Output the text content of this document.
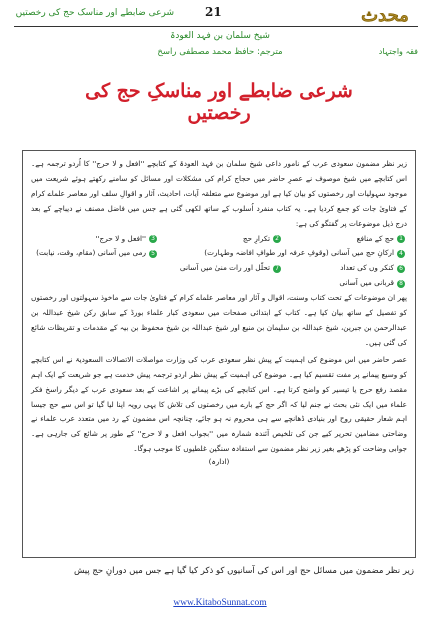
شرعی ضابطے اور مناسک حج کی رخصتیں	21	محدث
شیخ سلمان بن فہد العودۃ
مترجم: حافظ محمد مصطفی راسخ	فقہ واجتہاد
شرعی ضابطے اور مناسکِ حج کی رخصتیں

زیر نظر مضمون سعودی عرب کے نامور داعی شیخ سلمان بن فہد العودۃ کے کتابچے ''افعل و لا حرج'' کا اُردو ترجمہ ہے۔ اس کتابچے میں شیخ موصوف نے عصرِ حاضر میں حجاج کرام کی مشکلات اور مسائل کو سامنے رکھتے ہوئے شریعت میں موجود سہولیات اور رخصتوں کو بیان کیا ہے اور موضوع سے متعلقہ آیات، احادیث، آثار و اقوالِ سلف اور معاصر علماے کرام کے فتاویٰ جات کو جمع کردیا ہے۔ یہ کتاب منفرد اُسلوب کے ساتھ لکھی گئی ہے جس میں فاضل مصنف نے دیباچے کے بعد درج ذیل موضوعات پر گفتگو کی ہے:

1
حج کے منافع
2
تکرارِ حج
3
''افعل و لا حرج''
4
ارکانِ حج میں آسانی (وقوفِ عرفہ اور طوافِ افاضہ وطہارت)
5
رمی میں آسانی (مقام، وقت، نیابت)
6
کنکر وں کی تعداد
7
تحلّل اور رات منیٰ میں آسانی
8
قربانی میں آسانی

پھر ان موضوعات کے تحت کتاب وسنت، اقوال و آثار اور معاصر علماے کرام کے فتاویٰ جات سے ماخوذ سہولتوں اور رخصتوں کو تفصیل کے ساتھ بیان کیا ہے۔ کتاب کے ابتدائی صفحات میں سعودی کبار علماء بورڈ کے سابق رکن شیخ عبداللہ بن عبدالرحمن بن جبرین، شیخ عبداللہ بن سلیمان بن منیع اور شیخ عبداللہ بن شیخ محفوظ بن بیہ کے مقدمات و تقریظات شائع کی گئی ہیں۔

عصر حاضر میں اس موضوع کی اہمیت کے پیش نظر سعودی عرب کی وزارت مواصلات الاتصالات السعودیۃ نے اس کتابچے کو وسیع پیمانے پر مفت تقسیم کیا ہے۔ موضوع کی اہمیت کے پیش نظر اردو ترجمہ پیش خدمت ہے جو شریعت کے ایک اہم مقصد رفع حرج یا تیسیر کو واضح کرتا ہے۔ اس کتابچے کی بڑے پیمانے پر اشاعت کے بعد سعودی عرب کے دیگر راسخ فکر علماء میں ایک نئی بحث نے جنم لیا کہ اگر حج کے بارے میں رخصتوں کی تلاش کا یہی رویہ اپنا لیا گیا تو اس سے حج جیسا اہم شعار حقیقی روح اور بنیادی ڈھانچے سے ہی محروم نہ ہو جائے، چنانچہ اس مضمون کے رد میں متعدد عرب علماء نے وضاحتی مضامین تحریر کیے جن کی تلخیص آئندہ شمارہ میں ''بجواب افعل و لا حرج'' کے طور پر شائع کی جارہی ہے۔ جوابی وضاحت کو پڑھے بغیر زیر نظر مضمون سے استفادہ سنگین غلطیوں کا موجب ہوگا۔

(ادارہ)
زیر نظر مضمون میں مسائل حج اور اس کی آسانیوں کو ذکر کیا گیا ہے جس میں دورانِ حج پیش
www.KitaboSunnat.com
